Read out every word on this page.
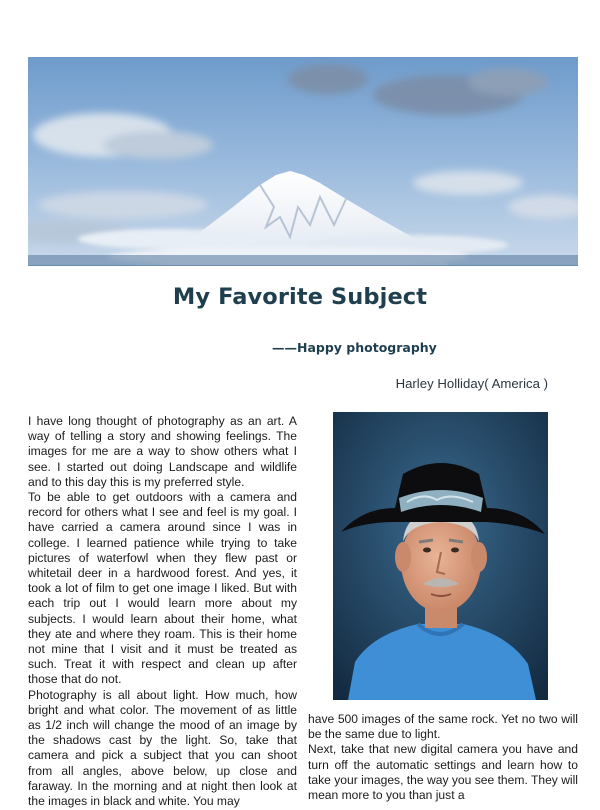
My Favorite Subject
——Happy photography
Harley Holliday( America )

I have long thought of photography as an art. A way of telling a story and showing feelings. The images for me are a way to show others what I see. I started out doing Landscape and wildlife and to this day this is my preferred style.

To be able to get outdoors with a camera and record for others what I see and feel is my goal. I have carried a camera around since I was in college. I learned patience while trying to take pictures of waterfowl when they flew past or whitetail deer in a hardwood forest. And yes, it took a lot of film to get one image I liked. But with each trip out I would learn more about my subjects. I would learn about their home, what they ate and where they roam. This is their home not mine that I visit and it must be treated as such. Treat it with respect and clean up after those that do not.

Photography is all about light. How much, how bright and what color. The movement of as little as 1/2 inch will change the mood of an image by the shadows cast by the light. So, take that camera and pick a subject that you can shoot from all angles, above below, up close and faraway. In the morning and at night then look at the images in black and white. You may

have 500 images of the same rock. Yet no two will be the same due to light.

Next, take that new digital camera you have and turn off the automatic settings and learn how to take your images, the way you see them. They will mean more to you than just a
